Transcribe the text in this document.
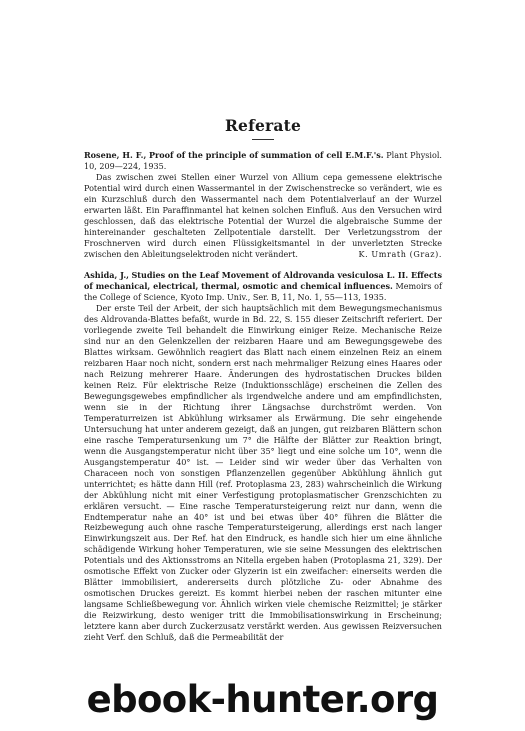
Referate

Rosene, H. F., Proof of the principle of summation of cell E.M.F.'s. Plant Physiol. 10, 209—224, 1935.

Das zwischen zwei Stellen einer Wurzel von Allium cepa gemessene elektrische Potential wird durch einen Wassermantel in der Zwischenstrecke so verändert, wie es ein Kurzschluß durch den Wassermantel nach dem Potentialverlauf an der Wurzel erwarten läßt. Ein Paraffinmantel hat keinen solchen Einfluß. Aus den Versuchen wird geschlossen, daß das elektrische Potential der Wurzel die algebraische Summe der hintereinander geschalteten Zellpotentiale darstellt. Der Verletzungsstrom der Froschnerven wird durch einen Flüssigkeitsmantel in der unverletzten Strecke zwischen den Ableitungselektroden nicht verändert.	K. Umrath (Graz).

Ashida, J., Studies on the Leaf Movement of Aldrovanda vesiculosa L. II. Effects of mechanical, electrical, thermal, osmotic and chemical influences. Memoirs of the College of Science, Kyoto Imp. Univ., Ser. B, 11, No. 1, 55—113, 1935.

Der erste Teil der Arbeit, der sich hauptsächlich mit dem Bewegungsmechanismus des Aldrovanda-Blattes befaßt, wurde in Bd. 22, S. 155 dieser Zeitschrift referiert. Der vorliegende zweite Teil behandelt die Einwirkung einiger Reize. Mechanische Reize sind nur an den Gelenkzellen der reizbaren Haare und am Bewegungsgewebe des Blattes wirksam. Gewöhnlich reagiert das Blatt nach einem einzelnen Reiz an einem reizbaren Haar noch nicht, sondern erst nach mehrmaliger Reizung eines Haares oder nach Reizung mehrerer Haare. Änderungen des hydrostatischen Druckes bilden keinen Reiz. Für elektrische Reize (Induktionsschläge) erscheinen die Zellen des Bewegungsgewebes empfindlicher als irgendwelche andere und am empfindlichsten, wenn sie in der Richtung ihrer Längsachse durchströmt werden. Von Temperaturreizen ist Abkühlung wirksamer als Erwärmung. Die sehr eingehende Untersuchung hat unter anderem gezeigt, daß an jungen, gut reizbaren Blättern schon eine rasche Temperatursenkung um 7° die Hälfte der Blätter zur Reaktion bringt, wenn die Ausgangstemperatur nicht über 35° liegt und eine solche um 10°, wenn die Ausgangstemperatur 40° ist. — Leider sind wir weder über das Verhalten von Characeen noch von sonstigen Pflanzenzellen gegenüber Abkühlung ähnlich gut unterrichtet; es hätte dann Hill (ref. Protoplasma 23, 283) wahrscheinlich die Wirkung der Abkühlung nicht mit einer Verfestigung protoplasmatischer Grenzschichten zu erklären versucht. — Eine rasche Temperatursteigerung reizt nur dann, wenn die Endtemperatur nahe an 40° ist und bei etwas über 40° führen die Blätter die Reizbewegung auch ohne rasche Temperatursteigerung, allerdings erst nach langer Einwirkungszeit aus. Der Ref. hat den Eindruck, es handle sich hier um eine ähnliche schädigende Wirkung hoher Temperaturen, wie sie seine Messungen des elektrischen Potentials und des Aktionsstroms an Nitella ergeben haben (Protoplasma 21, 329). Der osmotische Effekt von Zucker oder Glyzerin ist ein zweifacher: einerseits werden die Blätter immobilisiert, andererseits durch plötzliche Zu- oder Abnahme des osmotischen Druckes gereizt. Es kommt hierbei neben der raschen mitunter eine langsame Schließbewegung vor. Ähnlich wirken viele chemische Reizmittel; je stärker die Reizwirkung, desto weniger tritt die Immobilisationswirkung in Erscheinung; letztere kann aber durch Zuckerzusatz verstärkt werden. Aus gewissen Reizversuchen zieht Verf. den Schluß, daß die Permeabilität der

ebook-hunter.org
